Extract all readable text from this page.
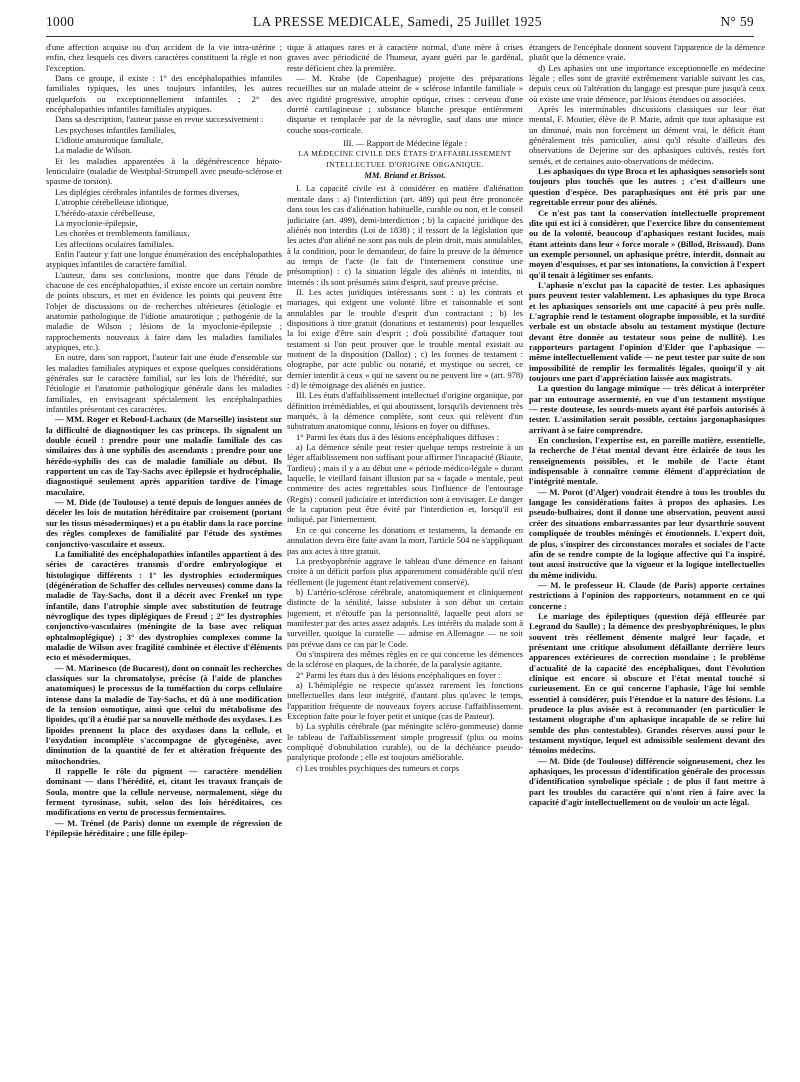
1000	LA PRESSE MEDICALE, Samedi, 25 Juillet 1925	N° 59

d'une affection acquise ou d'un accident de la vie intra-utérine ; enfin, chez lesquels ces divers caractères constituent la règle et non l'exception.

Dans ce groupe, il existe : 1° des encéphalopathies infantiles familiales typiques, les unes toujours infantiles, les autres quelquefois ou exceptionnellement infantiles ; 2° des encéphalopathies infantiles familiales atypiques.

Dans sa description, l'auteur passe en revue successivement :

Les psychoses infantiles familiales,

L'idiotie amaurotique familiale,

La maladie de Wilson.

Et les maladies apparentées à la dégénérescence hépato-lenticulaire (maladie de Westphal-Strumpell avec pseudo-sclérose et spasme de torsion).

Les diplégies cérébrales infantiles de formes diverses,

L'atrophie cérébelleuse idiotique,

L'hérédo-ataxie cérébelleuse,

La myoclonie-épilepsie,

Les chorées et tremblements familiaux,

Les affections oculaires familiales.

Enfin l'auteur y fait une longue énumération des encéphalopathies atypiques infantiles de caractère familial.

L'auteur, dans ses conclusions, montre que dans l'étude de chacune de ces encéphalopathies, il existe encore un certain nombre de points obscurs, et met en évidence les points qui peuvent être l'objet de discussions ou de recherches ultérieures (étiologie et anatomie pathologique de l'idiotie amaurotique ; pathogénie de la maladie de Wilson ; lésions de la myoclonie-épilepsie ; rapprochements nouveaux à faire dans les maladies familiales atypiques, etc.).

En outre, dans son rapport, l'auteur fait une étude d'ensemble sur les maladies familiales atypiques et expose quelques considérations générales sur le caractère familial, sur les lois de l'hérédité, sur l'étiologie et l'anatomie pathologique générale dans les maladies familiales, en envisageant spécialement les encéphalopathies infantiles présentant ces caractères.

— MM. Roger et Reboul-Lachaux (de Marseille) insistent sur la difficulté de diagnostiquer les cas princeps. Ils signalent un double écueil : prendre pour une maladie familiale des cas similaires dus à une syphilis des ascendants ; prendre pour une hérédo-syphilis des cas de maladie familiale au début. Ils rapportent un cas de Tay-Sachs avec épilepsie et hydrocéphalie, diagnostiqué seulement après apparition tardive de l'image maculaire.

— M. Dide (de Toulouse) a tenté depuis de longues années de déceler les lois de mutation héréditaire par croisement (portant sur les tissus mésodermiques) et a pu établir dans la race porcine des règles complexes de familialité par l'étude des systèmes conjonctivo-vasculaire et osseux.

La familialité des encéphalopathies infantiles appartient à des séries de caractères transmis d'ordre embryologique et histologique différents : 1° les dystrophies ectodermiques (dégénération de Schaffer des cellules nerveuses) comme dans la maladie de Tay-Sachs, dont il a décrit avec Frenkel un type infantile, dans l'atrophie simple avec substitution de feutrage névroglique des types diplégiques de Freud ; 2° les dystrophies conjonctivo-vasculaires (méningite de la base avec reliquat ophtalmoplégique) ; 3° des dystrophies complexes comme la maladie de Wilson avec fragilité combinée et élective d'éléments ecto et mésodermiques.

— M. Marinesco (de Bucarest), dont on connaît les recherches classiques sur la chromatolyse, précise (à l'aide de planches anatomiques) le processus de la tuméfaction du corps cellulaire intense dans la maladie de Tay-Sachs, et dû à une modification de la tension osmotique, ainsi que celui du métabolisme des lipoïdes, qu'il a étudié par sa nouvelle méthode des oxydases. Les lipoïdes prennent la place des oxydases dans la cellule, et l'oxydation incomplète s'accompagne de glycogénèse, avec diminution de la quantité de fer et altération fréquente des mitochondries.

Il rappelle le rôle du pigment — caractère mendélien dominant — dans l'hérédité, et, citant les travaux français de Soula, montre que la cellule nerveuse, normalement, siège du ferment tyrosinase, subit, selon des lois héréditaires, ces modifications en vertu de processus fermentaires.

— M. Trénel (de Paris) donne un exemple de régression de l'épilepsie héréditaire ; une fille épilep-

tique à attaques rares et à caractère normal, d'une mère à crises graves avec périodicité de l'humeur, ayant guéri par le gardénal, reste déficient chez la première.

— M. Krabe (de Copenhague) projette des préparations recueillies sur un malade atteint de « sclérose infantile familiale » avec rigidité progressive, atrophie optique, crises : cerveau d'une dureté cartilagineuse ; substance blanche presque entièrement disparue et remplacée par de la névroglie, sauf dans une mince couche sous-corticale.

III. — Rapport de Médecine légale :

LA MÉDECINE CIVILE DES ÉTATS D'AFFAIBLISSEMENT INTELLECTUEL D'ORIGINE ORGANIQUE.

MM. Briand et Brissot.

I. La capacité civile est à considérer en matière d'aliénation mentale dans : a) l'interdiction (art. 489) qui peut être prononcée dans tous les cas d'aliénation habituelle, curable ou non, et le conseil judiciaire (art. 499), demi-interdiction ; b) la capacité juridique des aliénés non interdits (Loi de 1838) ; il ressort de la législation que les actes d'un aliéné ne sont pas nuls de plein droit, mais annulables, à la condition, pour le demandeur, de faire la preuve de la démence au temps de l'acte (le fait de l'internement constitue une présomption) : c) la situation légale des aliénés ni interdits, ni internés : ils sont présumés sains d'esprit, sauf preuve précise.

II. Les actes juridiques intéressants sont : a) les contrats et mariages, qui exigent une volonté libre et raisonnable et sont annulables par le trouble d'esprit d'un contractant ; b) les dispositions à titre gratuit (donations et testaments) pour lesquelles la loi exige d'être sain d'esprit ; d'où possibilité d'attaquer tout testament si l'on peut prouver que le trouble mental existait au moment de la disposition (Dalloz) ; c) les formes de testament : olographe, par acte public ou notarié, et mystique ou secret, ce dernier interdit à ceux « qui ne savent ou ne peuvent lire » (art. 978) ; d) le témoignage des aliénés en justice.

III. Les états d'affaiblissement intellectuel d'origine organique, par définition irrémédiables, et qui aboutissent, lorsqu'ils deviennent très marqués, à la démence complète, sont ceux qui relèvent d'un substratum anatomique connu, lésions en foyer ou diffuses.

1° Parmi les états dus à des lésions encéphaliques diffuses :

a) La démence sénile peut rester quelque temps restreinte à un léger affaiblissement non suffisant pour affirmer l'incapacité (Biaute, Tardieu) ; mais il y a au début une « période médico-légale » durant laquelle, le vieillard faisant illusion par sa « façade » mentale, peut commettre des actes regrettables sous l'influence de l'entourage (Regis) : conseil judiciaire et interdiction sont à envisager. Le danger de la captation peut être évité par l'interdiction et, lorsqu'il est indiqué, par l'internement.

En ce qui concerne les donations et testaments, la demande en annulation devra être faite avant la mort, l'article 504 ne s'appliquant pas aux actes à titre gratuit.

La presbyophrénie aggrave le tableau d'une démence en faisant croire à un déficit parfois plus apparemment considérable qu'il n'est réellement (le jugement étant relativement conservé).

b) L'artério-sclérose cérébrale, anatomiquement et cliniquement distincte de la sénilité, laisse subsister à son début un certain jugement, et n'étouffe pas la personnalité, laquelle peut alors se manifester par des actes assez adaptés. Les intérêts du malade sont à surveiller, quoique la curatelle — admise en Allemagne — ne soit pas prévue dans ce cas par le Code.

On s'inspirera des mêmes règles en ce qui concerne les démences de la sclérose en plaques, de la chorée, de la paralysie agitante.

2° Parmi les états dus à des lésions encéphaliques en foyer :

a) L'hémiplégie ne respecte qu'assez rarement les fonctions intellectuelles dans leur intégrité, d'autant plus qu'avec le temps, l'apparition fréquente de nouveaux foyers accuse l'affaiblissement. Exception faite pour le foyer petit et unique (cas de Pasteur).

b) La syphilis cérébrale (par méningite scléro-gommeuse) donne le tableau de l'affaiblissement simple progressif (plus ou moins compliqué d'obnubilation curable), ou de la déchéance pseudo-paralytique profonde ; elle est toujours améliorable.

c) Les troubles psychiques des tumeurs et corps

étrangers de l'encéphale donnent souvent l'apparence de la démence plutôt que la démence vraie.

d) Les aphasies ont une importance exceptionnelle en médecine légale ; elles sont de gravité extrêmement variable suivant les cas, depuis ceux où l'altération du langage est presque pure jusqu'à ceux où existe une vraie démence, par lésions étendues ou associées.

Après les interminables discussions classiques sur leur état mental, F. Moutier, élève de P. Marie, admit que tout aphasique est un diminué, mais non forcément un dément vrai, le déficit étant généralement très particulier, ainsi qu'il résulte d'ailleurs des observations de Dejerine sur des aphasiques cultivés, restés fort sensés, et de certaines auto-observations de médecins.

Les aphasiques du type Broca et les aphasiques sensoriels sont toujours plus touchés que les autres ; c'est d'ailleurs une question d'espèce. Des paraphasiques ont été pris par une regrettable erreur pour des aliénés.

Ce n'est pas tant la conservation intellectuelle proprement dite qui est ici à considérer, que l'exercice libre du consentement ou de la volonté, beaucoup d'aphasiques restant lucides, mais étant atteints dans leur « force morale » (Billod, Brissaud). Dans un exemple personnel, un aphasique prétre, interdit, donnait au moyen d'esquisses, et par ses intonations, la conviction à l'expert qu'il tenait à légitimer ses enfants.

L'aphasie n'exclut pas la capacité de tester. Les aphasiques purs peuvent tester valablement. Les aphasiques du type Broca et les aphasiques sensoriels ont une capacité à peu près nulle. L'agraphie rend le testament olographe impossible, et la surdité verbale est un obstacle absolu au testament mystique (lecture devant être donnée au testateur sous peine de nullité). Les rapporteurs partagent l'opinion d'Elder que l'aphasique — même intellectuellement valide — ne peut tester par suite de son impossibilité de remplir les formalités légales, quoiqu'il y ait toujours une part d'appréciation laissée aux magistrats.

La question du langage mimique — très délicat à interpréter par un entourage assermenté, en vue d'un testament mystique — reste douteuse, les sourds-muets ayant été parfois autorisés à tester. L'assimilation serait possible, certains jargonaphasiques arrivant à se faire comprendre.

En conclusion, l'expertise est, en pareille matière, essentielle, la recherche de l'état mental devant être éclairée de tous les renseignements possibles, et le mobile de l'acte étant indispensable à connaître comme élément d'appréciation de l'intégrité mentale.

— M. Porot (d'Alger) voudrait étendre à tous les troubles du langage les considérations faites à propos des aphasies. Les pseudo-bulbaires, dont il donne une observation, peuvent aussi créer des situations embarrassantes par leur dysarthrie souvent compliquée de troubles méningés et émotionnels. L'expert doit, de plus, s'inspirer des circonstances morales et sociales de l'acte afin de se rendre compte de la logique affective qui l'a inspiré, tout aussi instructive que la vigueur et la logique intellectuelles du même individu.

— M. le professeur H. Claude (de Paris) apporte certaines restrictions à l'opinion des rapporteurs, notamment en ce qui concerne :

Le mariage des épileptiques (question déjà effleurée par Legrand du Saulle) ; la démence des presbyophréniques, le plus souvent très réellement démente malgré leur façade, et présentant une critique absolument défaillante derrière leurs apparences extérieures de correction mondaine ; le problème d'actualité de la capacité des encéphaliques, dont l'évolution clinique est encore si obscure et l'état mental touché si curieusement. En ce qui concerne l'aphasie, l'âge lui semble essentiel à considérer, puis l'étendue et la nature des lésions. La prudence la plus avisée est à recommander (en particulier le testament olographe d'un aphasique incapable de se relire lui semble des plus contestables). Grandes réserves aussi pour le testament mystique, lequel est admissible seulement devant des témoins médecins.

— M. Dide (de Toulouse) différencie soigneusement, chez les aphasiques, les processus d'identification générale des processus d'identification symbolique spéciale ; de plus il faut mettre à part les troubles du caractère qui n'ont rien à faire avec la capacité d'agir intellectuellement ou de vouloir un acte légal.
